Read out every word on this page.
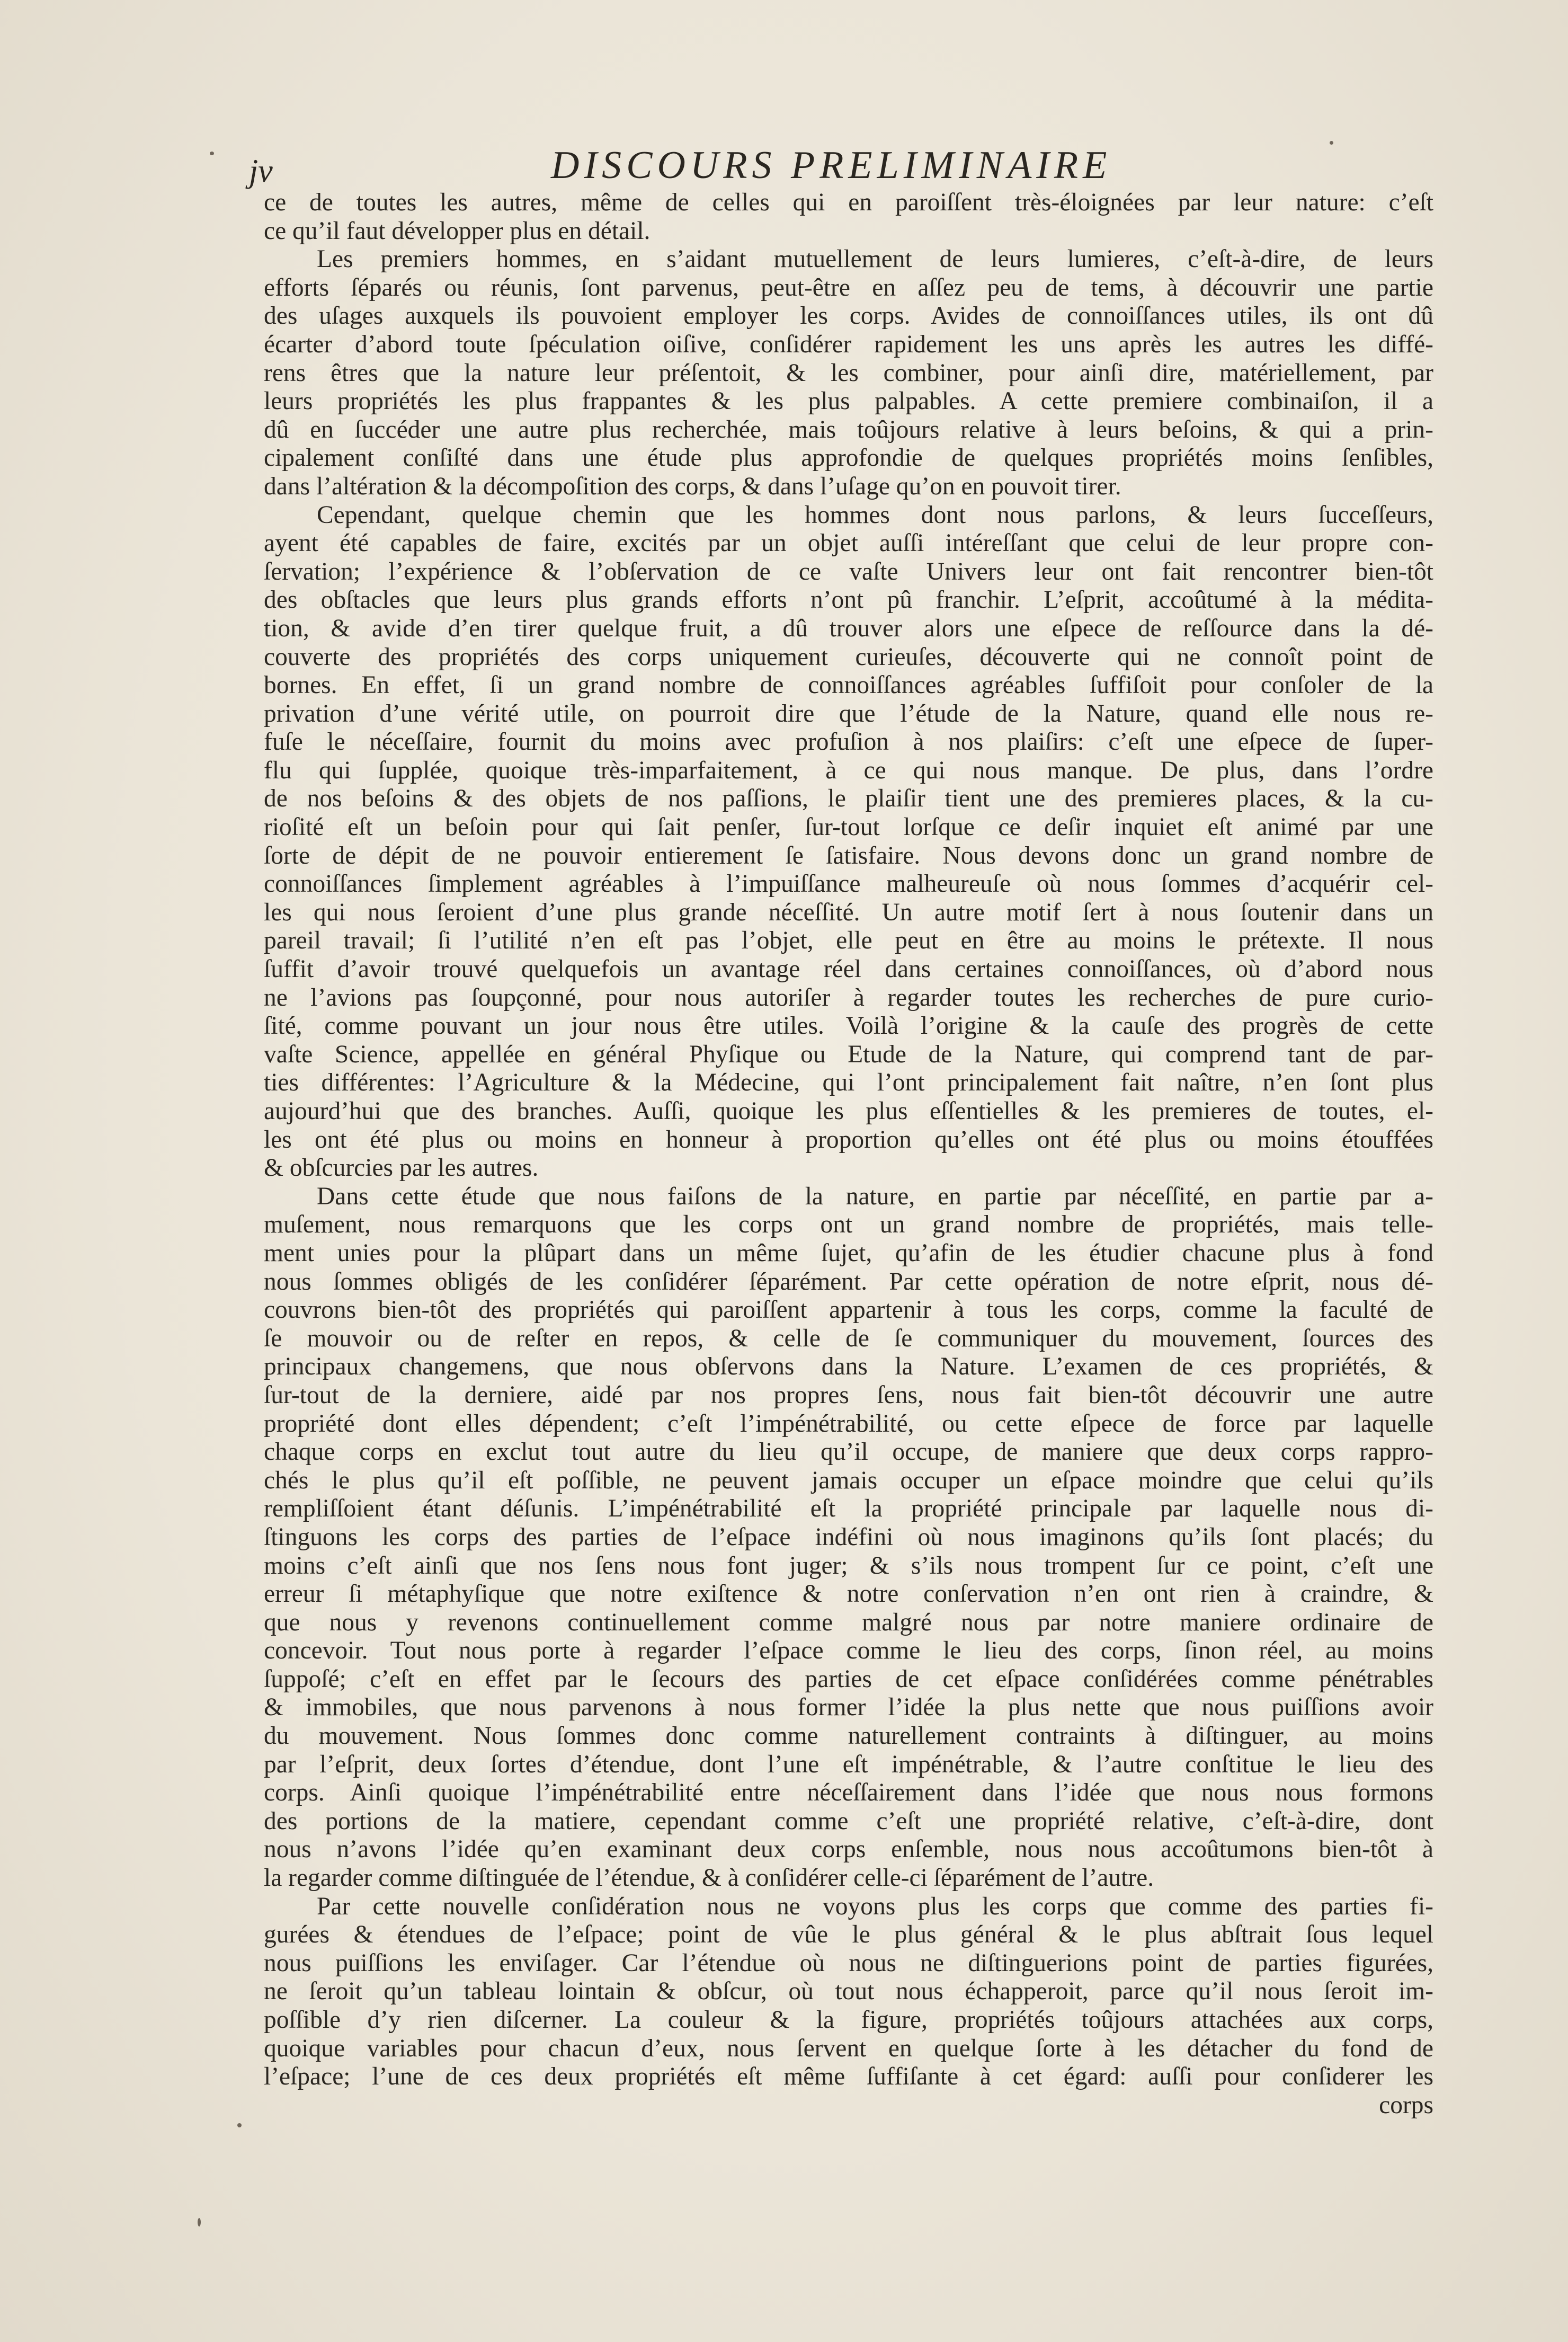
jv	DISCOURS PRELIMINAIRE
ce de toutes les autres, même de celles qui en paroiſſent très-éloignées par leur nature: c’eſt
ce qu’il faut développer plus en détail.
Les premiers hommes, en s’aidant mutuellement de leurs lumieres, c’eſt-à-dire, de leurs
efforts ſéparés ou réunis, ſont parvenus, peut-être en aſſez peu de tems, à découvrir une partie
des uſages auxquels ils pouvoient employer les corps. Avides de connoiſſances utiles, ils ont dû
écarter d’abord toute ſpéculation oiſive, conſidérer rapidement les uns après les autres les diffé-
rens êtres que la nature leur préſentoit, & les combiner, pour ainſi dire, matériellement, par
leurs propriétés les plus frappantes & les plus palpables. A cette premiere combinaiſon, il a
dû en ſuccéder une autre plus recherchée, mais toûjours relative à leurs beſoins, & qui a prin-
cipalement conſiſté dans une étude plus approfondie de quelques propriétés moins ſenſibles,
dans l’altération & la décompoſition des corps, & dans l’uſage qu’on en pouvoit tirer.
Cependant, quelque chemin que les hommes dont nous parlons, & leurs ſucceſſeurs,
ayent été capables de faire, excités par un objet auſſi intéreſſant que celui de leur propre con-
ſervation; l’expérience & l’obſervation de ce vaſte Univers leur ont fait rencontrer bien-tôt
des obſtacles que leurs plus grands efforts n’ont pû franchir. L’eſprit, accoûtumé à la médita-
tion, & avide d’en tirer quelque fruit, a dû trouver alors une eſpece de reſſource dans la dé-
couverte des propriétés des corps uniquement curieuſes, découverte qui ne connoît point de
bornes. En effet, ſi un grand nombre de connoiſſances agréables ſuffiſoit pour conſoler de la
privation d’une vérité utile, on pourroit dire que l’étude de la Nature, quand elle nous re-
fuſe le néceſſaire, fournit du moins avec profuſion à nos plaiſirs: c’eſt une eſpece de ſuper-
flu qui ſupplée, quoique très-imparfaitement, à ce qui nous manque. De plus, dans l’ordre
de nos beſoins & des objets de nos paſſions, le plaiſir tient une des premieres places, & la cu-
rioſité eſt un beſoin pour qui ſait penſer, ſur-tout lorſque ce deſir inquiet eſt animé par une
ſorte de dépit de ne pouvoir entierement ſe ſatisfaire. Nous devons donc un grand nombre de
connoiſſances ſimplement agréables à l’impuiſſance malheureuſe où nous ſommes d’acquérir cel-
les qui nous ſeroient d’une plus grande néceſſité. Un autre motif ſert à nous ſoutenir dans un
pareil travail; ſi l’utilité n’en eſt pas l’objet, elle peut en être au moins le prétexte. Il nous
ſuffit d’avoir trouvé quelquefois un avantage réel dans certaines connoiſſances, où d’abord nous
ne l’avions pas ſoupçonné, pour nous autoriſer à regarder toutes les recherches de pure curio-
ſité, comme pouvant un jour nous être utiles. Voilà l’origine & la cauſe des progrès de cette
vaſte Science, appellée en général Phyſique ou Etude de la Nature, qui comprend tant de par-
ties différentes: l’Agriculture & la Médecine, qui l’ont principalement fait naître, n’en ſont plus
aujourd’hui que des branches. Auſſi, quoique les plus eſſentielles & les premieres de toutes, el-
les ont été plus ou moins en honneur à proportion qu’elles ont été plus ou moins étouffées
& obſcurcies par les autres.
Dans cette étude que nous faiſons de la nature, en partie par néceſſité, en partie par a-
muſement, nous remarquons que les corps ont un grand nombre de propriétés, mais telle-
ment unies pour la plûpart dans un même ſujet, qu’afin de les étudier chacune plus à fond
nous ſommes obligés de les conſidérer ſéparément. Par cette opération de notre eſprit, nous dé-
couvrons bien-tôt des propriétés qui paroiſſent appartenir à tous les corps, comme la faculté de
ſe mouvoir ou de reſter en repos, & celle de ſe communiquer du mouvement, ſources des
principaux changemens, que nous obſervons dans la Nature. L’examen de ces propriétés, &
ſur-tout de la derniere, aidé par nos propres ſens, nous fait bien-tôt découvrir une autre
propriété dont elles dépendent; c’eſt l’impénétrabilité, ou cette eſpece de force par laquelle
chaque corps en exclut tout autre du lieu qu’il occupe, de maniere que deux corps rappro-
chés le plus qu’il eſt poſſible, ne peuvent jamais occuper un eſpace moindre que celui qu’ils
rempliſſoient étant déſunis. L’impénétrabilité eſt la propriété principale par laquelle nous di-
ſtinguons les corps des parties de l’eſpace indéfini où nous imaginons qu’ils ſont placés; du
moins c’eſt ainſi que nos ſens nous font juger; & s’ils nous trompent ſur ce point, c’eſt une
erreur ſi métaphyſique que notre exiſtence & notre conſervation n’en ont rien à craindre, &
que nous y revenons continuellement comme malgré nous par notre maniere ordinaire de
concevoir. Tout nous porte à regarder l’eſpace comme le lieu des corps, ſinon réel, au moins
ſuppoſé; c’eſt en effet par le ſecours des parties de cet eſpace conſidérées comme pénétrables
& immobiles, que nous parvenons à nous former l’idée la plus nette que nous puiſſions avoir
du mouvement. Nous ſommes donc comme naturellement contraints à diſtinguer, au moins
par l’eſprit, deux ſortes d’étendue, dont l’une eſt impénétrable, & l’autre conſtitue le lieu des
corps. Ainſi quoique l’impénétrabilité entre néceſſairement dans l’idée que nous nous formons
des portions de la matiere, cependant comme c’eſt une propriété relative, c’eſt-à-dire, dont
nous n’avons l’idée qu’en examinant deux corps enſemble, nous nous accoûtumons bien-tôt à
la regarder comme diſtinguée de l’étendue, & à conſidérer celle-ci ſéparément de l’autre.
Par cette nouvelle conſidération nous ne voyons plus les corps que comme des parties fi-
gurées & étendues de l’eſpace; point de vûe le plus général & le plus abſtrait ſous lequel
nous puiſſions les enviſager. Car l’étendue où nous ne diſtinguerions point de parties figurées,
ne ſeroit qu’un tableau lointain & obſcur, où tout nous échapperoit, parce qu’il nous ſeroit im-
poſſible d’y rien diſcerner. La couleur & la figure, propriétés toûjours attachées aux corps,
quoique variables pour chacun d’eux, nous ſervent en quelque ſorte à les détacher du fond de
l’eſpace; l’une de ces deux propriétés eſt même ſuffiſante à cet égard: auſſi pour conſiderer les
corps
